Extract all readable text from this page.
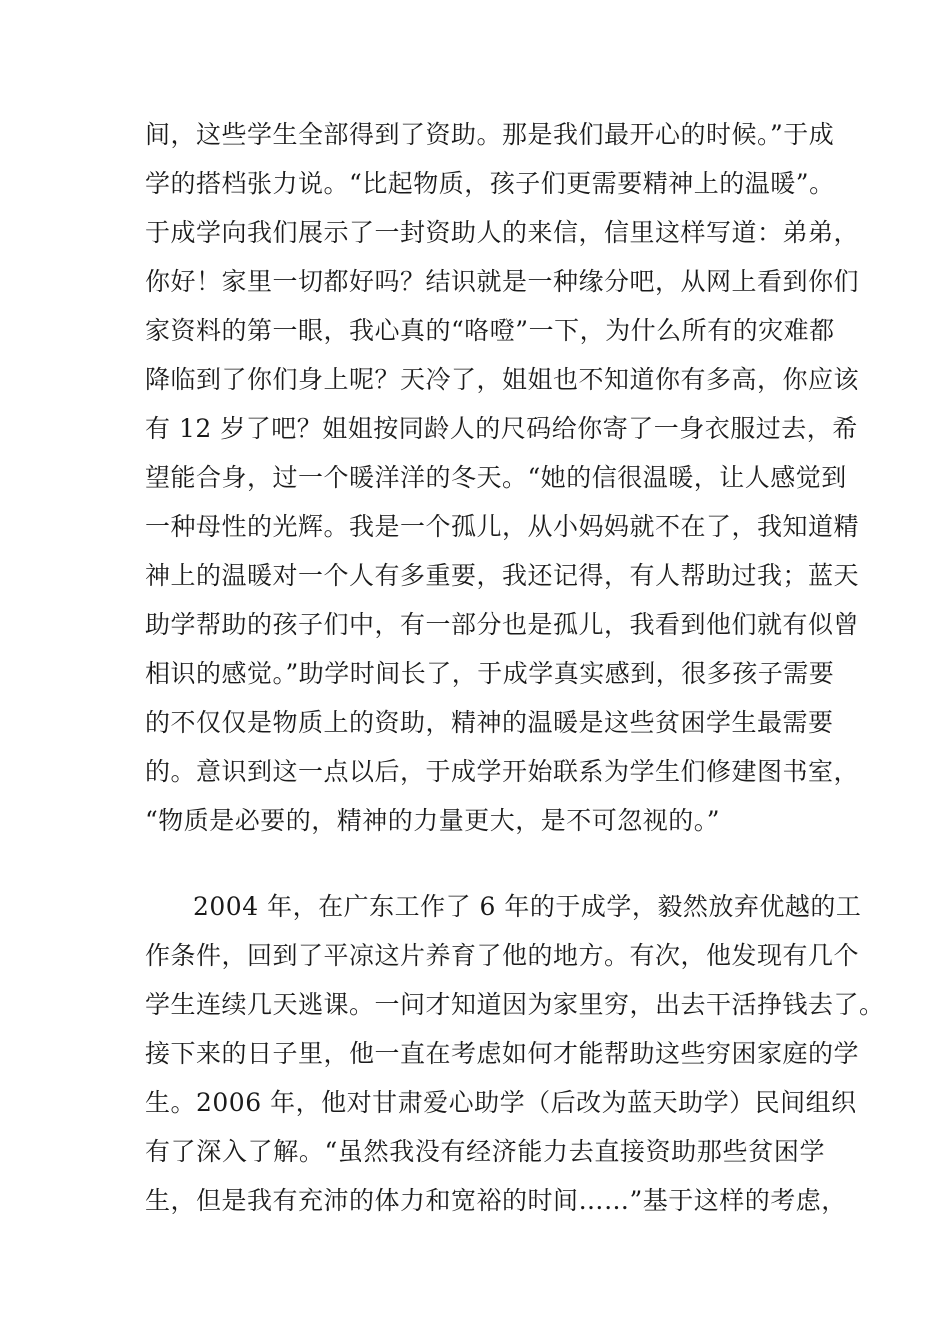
间，这些学生全部得到了资助。那是我们最开心的时候。”于成
学的搭档张力说。“比起物质，孩子们更需要精神上的温暖”。
于成学向我们展示了一封资助人的来信，信里这样写道：弟弟，
你好！家里一切都好吗？结识就是一种缘分吧，从网上看到你们
家资料的第一眼，我心真的“咯噔”一下，为什么所有的灾难都
降临到了你们身上呢？天冷了，姐姐也不知道你有多高，你应该
有 12 岁了吧？姐姐按同龄人的尺码给你寄了一身衣服过去，希
望能合身，过一个暖洋洋的冬天。“她的信很温暖，让人感觉到
一种母性的光辉。我是一个孤儿，从小妈妈就不在了，我知道精
神上的温暖对一个人有多重要，我还记得，有人帮助过我；蓝天
助学帮助的孩子们中，有一部分也是孤儿，我看到他们就有似曾
相识的感觉。”助学时间长了，于成学真实感到，很多孩子需要
的不仅仅是物质上的资助，精神的温暖是这些贫困学生最需要
的。意识到这一点以后，于成学开始联系为学生们修建图书室，
“物质是必要的，精神的力量更大，是不可忽视的。”
2004 年，在广东工作了 6 年的于成学，毅然放弃优越的工
作条件，回到了平凉这片养育了他的地方。有次，他发现有几个
学生连续几天逃课。一问才知道因为家里穷，出去干活挣钱去了。
接下来的日子里，他一直在考虑如何才能帮助这些穷困家庭的学
生。2006 年，他对甘肃爱心助学（后改为蓝天助学）民间组织
有了深入了解。“虽然我没有经济能力去直接资助那些贫困学
生，但是我有充沛的体力和宽裕的时间……”基于这样的考虑，
